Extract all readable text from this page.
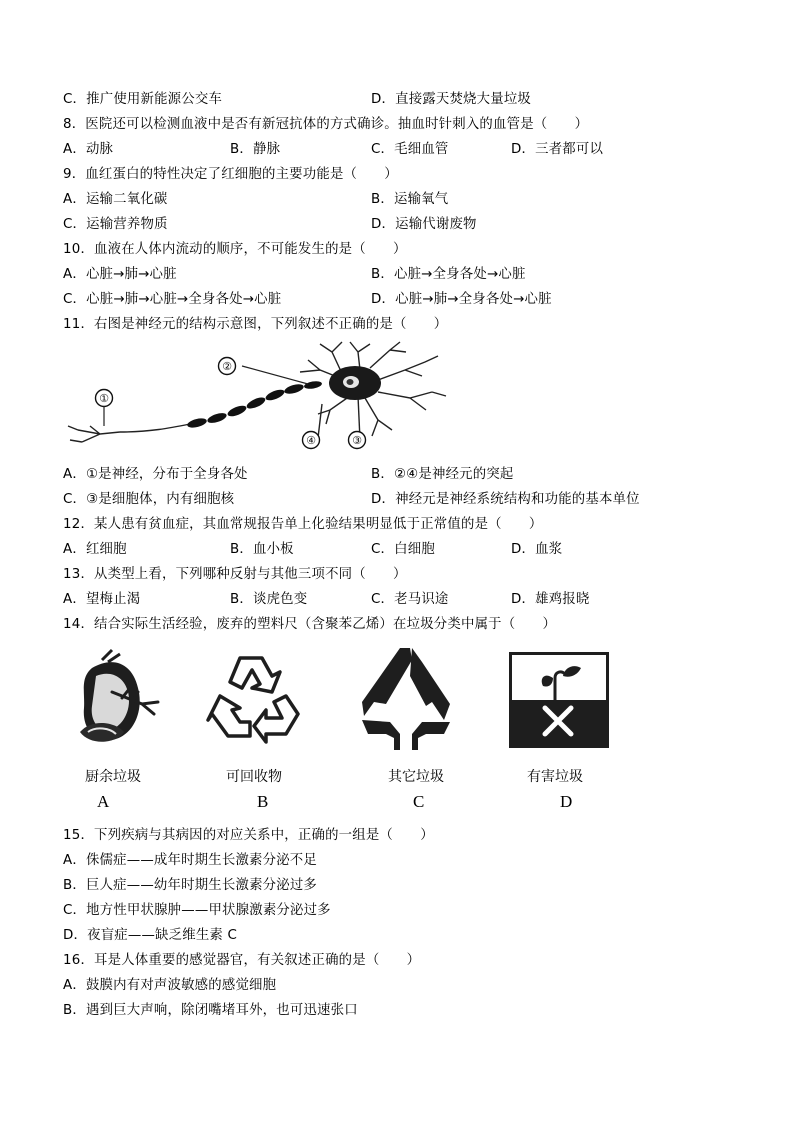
C．推广使用新能源公交车	D．直接露天焚烧大量垃圾
8．医院还可以检测血液中是否有新冠抗体的方式确诊。抽血时针刺入的血管是（　　）
A．动脉	B．静脉	C．毛细血管	D．三者都可以
9．血红蛋白的特性决定了红细胞的主要功能是（　　）
A．运输二氧化碳	B．运输氧气
C．运输营养物质	D．运输代谢废物
10．血液在人体内流动的顺序，不可能发生的是（　　）
A．心脏→肺→心脏	B．心脏→全身各处→心脏
C．心脏→肺→心脏→全身各处→心脏	D．心脏→肺→全身各处→心脏
11．右图是神经元的结构示意图，下列叙述不正确的是（　　）
①
②
③
④
A．①是神经，分布于全身各处	B．②④是神经元的突起
C．③是细胞体，内有细胞核	D．神经元是神经系统结构和功能的基本单位
12．某人患有贫血症，其血常规报告单上化验结果明显低于正常值的是（　　）
A．红细胞	B．血小板	C．白细胞	D．血浆
13．从类型上看，下列哪种反射与其他三项不同（　　）
A．望梅止渴	B．谈虎色变	C．老马识途	D．雄鸡报晓
14．结合实际生活经验，废弃的塑料尺（含聚苯乙烯）在垃圾分类中属于（　　）
厨余垃圾	可回收物	其它垃圾	有害垃圾
A	B	C	D
15．下列疾病与其病因的对应关系中，正确的一组是（　　）
A．侏儒症——成年时期生长激素分泌不足
B．巨人症——幼年时期生长激素分泌过多
C．地方性甲状腺肿——甲状腺激素分泌过多
D．夜盲症——缺乏维生素 C
16．耳是人体重要的感觉器官，有关叙述正确的是（　　）
A．鼓膜内有对声波敏感的感觉细胞
B．遇到巨大声响，除闭嘴堵耳外，也可迅速张口
